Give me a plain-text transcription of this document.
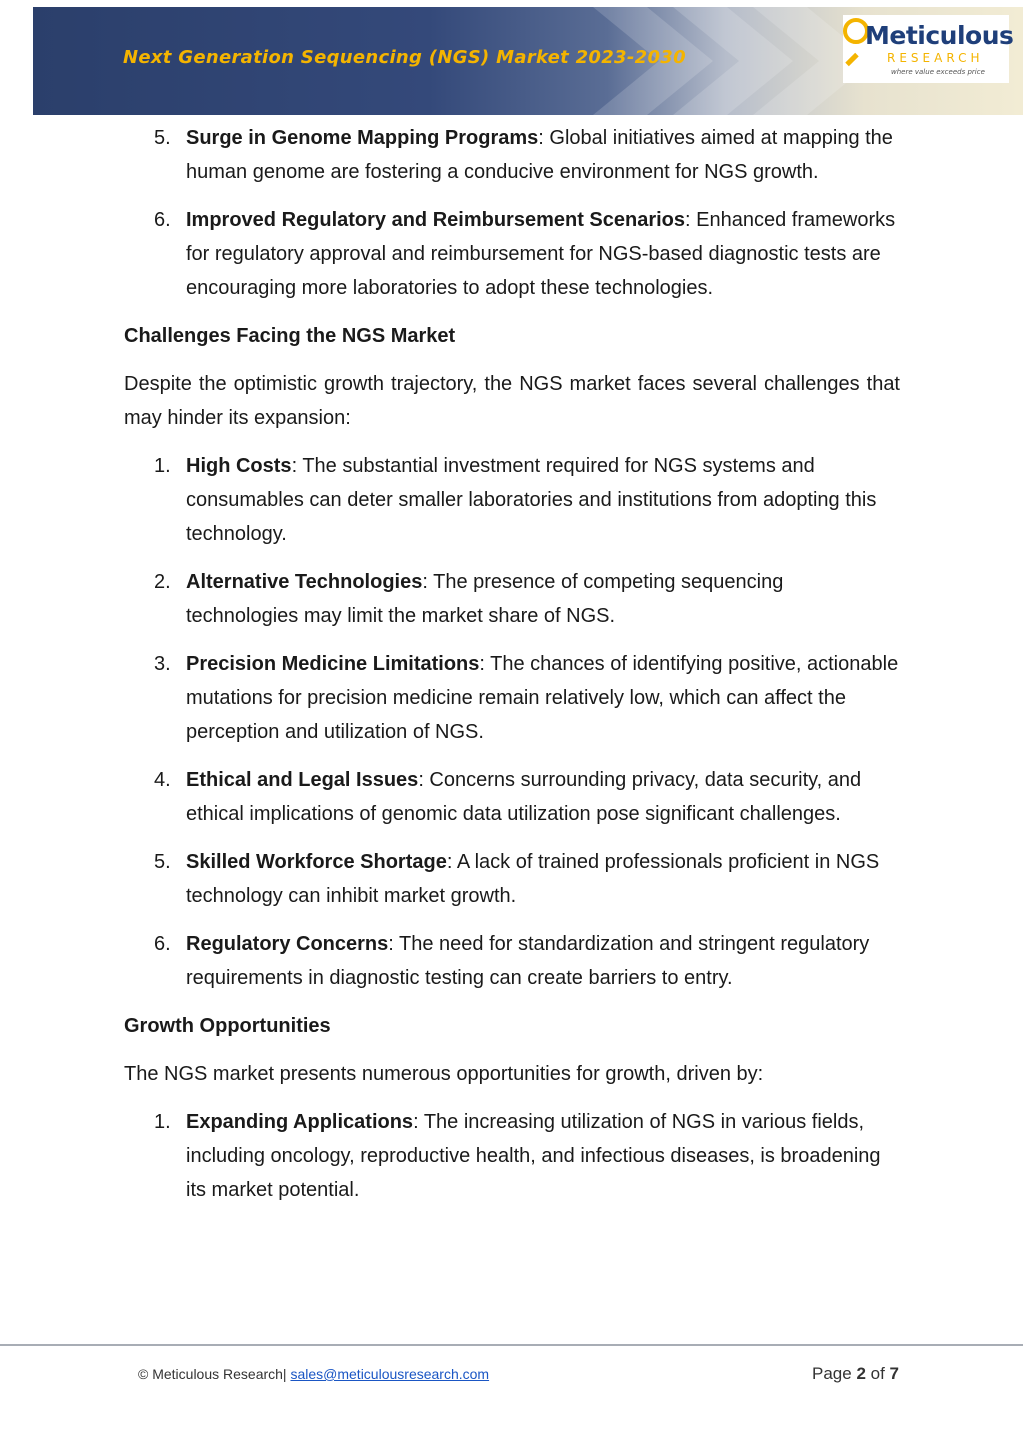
Next Generation Sequencing (NGS) Market 2023-2030
Meticulous
RESEARCH
where value exceeds price
5. Surge in Genome Mapping Programs: Global initiatives aimed at mapping the human genome are fostering a conducive environment for NGS growth.
6. Improved Regulatory and Reimbursement Scenarios: Enhanced frameworks for regulatory approval and reimbursement for NGS-based diagnostic tests are encouraging more laboratories to adopt these technologies.
Challenges Facing the NGS Market

Despite the optimistic growth trajectory, the NGS market faces several challenges that may hinder its expansion:

1. High Costs: The substantial investment required for NGS systems and consumables can deter smaller laboratories and institutions from adopting this technology.
2. Alternative Technologies: The presence of competing sequencing technologies may limit the market share of NGS.
3. Precision Medicine Limitations: The chances of identifying positive, actionable mutations for precision medicine remain relatively low, which can affect the perception and utilization of NGS.
4. Ethical and Legal Issues: Concerns surrounding privacy, data security, and ethical implications of genomic data utilization pose significant challenges.
5. Skilled Workforce Shortage: A lack of trained professionals proficient in NGS technology can inhibit market growth.
6. Regulatory Concerns: The need for standardization and stringent regulatory requirements in diagnostic testing can create barriers to entry.
Growth Opportunities

The NGS market presents numerous opportunities for growth, driven by:

1. Expanding Applications: The increasing utilization of NGS in various fields, including oncology, reproductive health, and infectious diseases, is broadening its market potential.
© Meticulous Research| sales@meticulousresearch.com	Page 2 of 7
